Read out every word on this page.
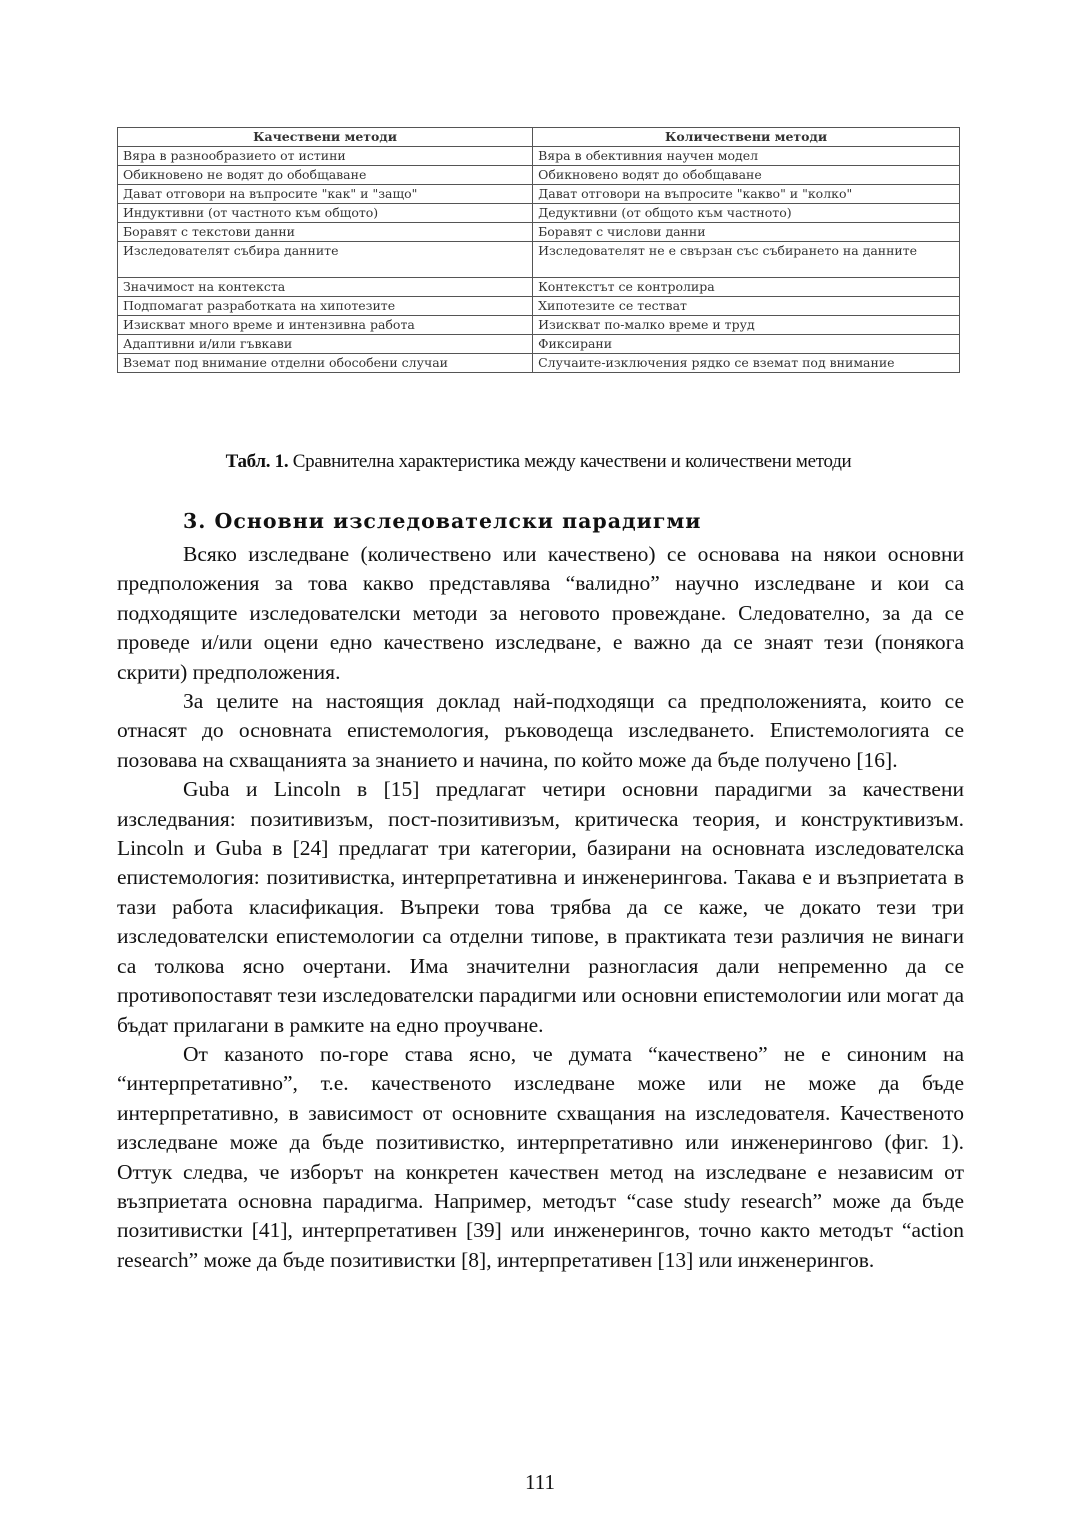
Качествени методи	Количествени методи
Вяра в разнообразието от истини	Вяра в обективния научен модел
Обикновено не водят до обобщаване	Обикновено водят до обобщаване
Дават отговори на въпросите "как" и "защо"	Дават отговори на въпросите "какво" и "колко"
Индуктивни (от частното към общото)	Дедуктивни (от общото към частното)
Боравят с текстови данни	Боравят с числови данни
Изследователят събира данните	Изследователят не е свързан със събирането на данните
Значимост на контекста	Контекстът се контролира
Подпомагат разработката на хипотезите	Хипотезите се тестват
Изискват много време и интензивна работа	Изискват по-малко време и труд
Адаптивни и/или гъвкави	Фиксирани
Вземат под внимание отделни обособени случаи	Случаите-изключения рядко се вземат под внимание
Табл. 1. Сравнителна характеристика между качествени и количествени методи
3. Основни изследователски парадигми

Всяко изследване (количествено или качествено) се основава на някои основни предположения за това какво представлява “валидно” научно изследване и кои са подходящите изследователски методи за неговото провеждане. Следователно, за да се проведе и/или оцени едно качествено изследване, е важно да се знаят тези (понякога скрити) предположения.

За целите на настоящия доклад най-подходящи са предположенията, които се отнасят до основната епистемология, ръководеща изследването. Епистемологията се позовава на схващанията за знанието и начина, по който може да бъде получено [16].

Guba и Lincoln в [15] предлагат четири основни парадигми за качествени изследвания: позитивизъм, пост-позитивизъм, критическа теория, и конструктивизъм. Lincoln и Guba в [24] предлагат три категории, базирани на основната изследователска епистемология: позитивистка, интерпретативна и инженерингова. Такава е и възприетата в тази работа класификация. Въпреки това трябва да се каже, че докато тези три изследователски епистемологии са отделни типове, в практиката тези различия не винаги са толкова ясно очертани. Има значителни разногласия дали непременно да се противопоставят тези изследователски парадигми или основни епистемологии или могат да бъдат прилагани в рамките на едно проучване.

От казаното по-горе става ясно, че думата “качествено” не е синоним на “интерпретативно”, т.е. качественото изследване може или не може да бъде интерпретативно, в зависимост от основните схващания на изследователя. Качественото изследване може да бъде позитивистко, интерпретативно или инженерингово (фиг. 1). Оттук следва, че изборът на конкретен качествен метод на изследване е независим от възприетата основна парадигма. Например, методът “case study research” може да бъде позитивистки [41], интерпретативен [39] или инженерингов, точно както методът “action research” може да бъде позитивистки [8], интерпретативен [13] или инженерингов.

111
